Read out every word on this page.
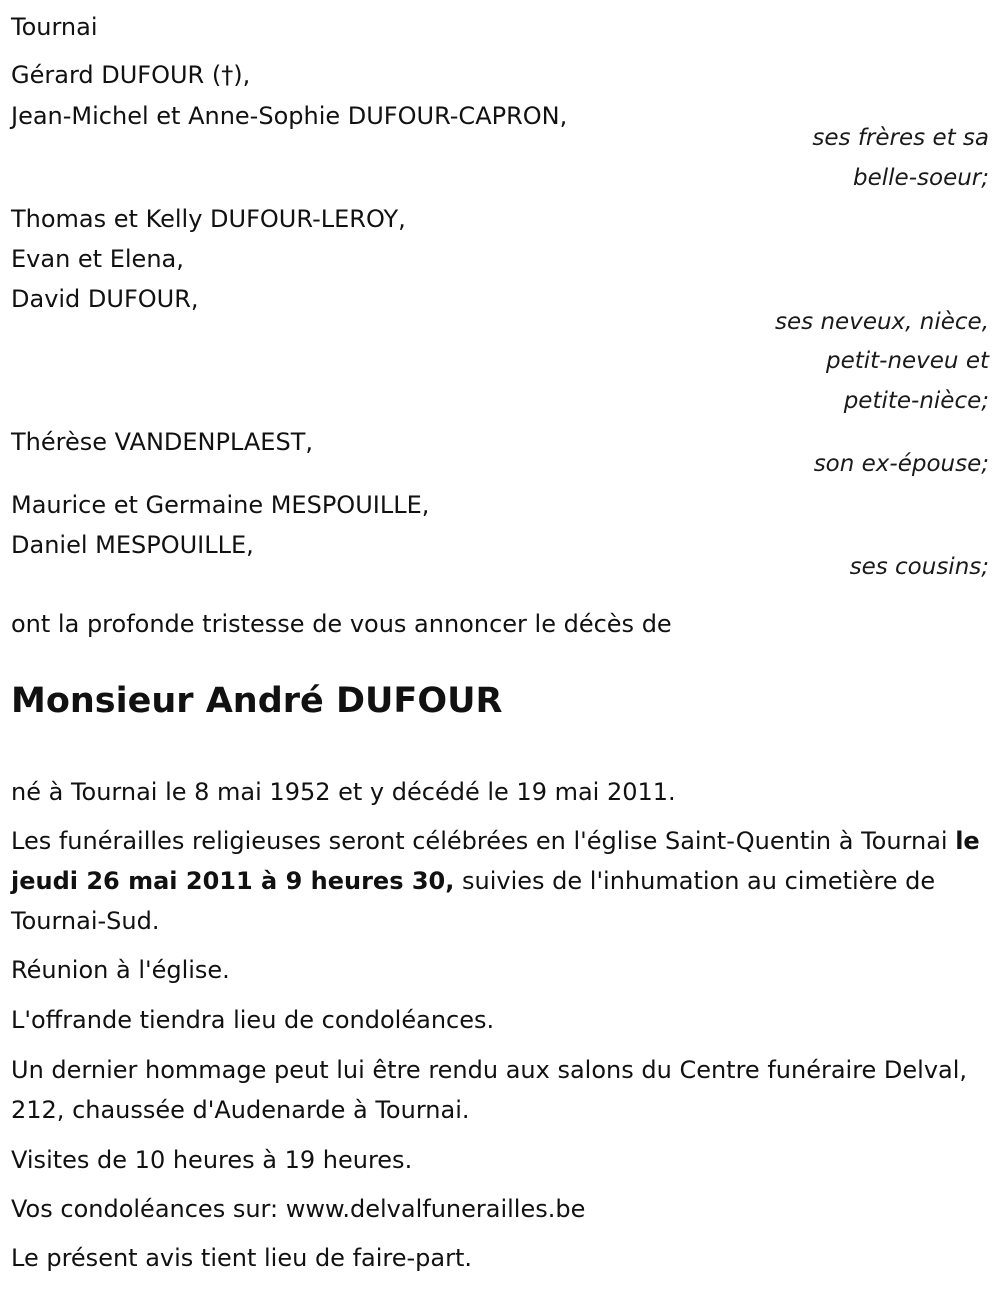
Tournai
Gérard DUFOUR (†),
Jean-Michel et Anne-Sophie DUFOUR-CAPRON,
ses frères et sa
belle-soeur;
Thomas et Kelly DUFOUR-LEROY,
Evan et Elena,
David DUFOUR,
ses neveux, nièce,
petit-neveu et
petite-nièce;
Thérèse VANDENPLAEST,
son ex-épouse;
Maurice et Germaine MESPOUILLE,
Daniel MESPOUILLE,
ses cousins;
ont la profonde tristesse de vous annoncer le décès de
Monsieur André DUFOUR
né à Tournai le 8 mai 1952 et y décédé le 19 mai 2011.
Les funérailles religieuses seront célébrées en l'église Saint-Quentin à Tournai le jeudi 26 mai 2011 à 9 heures 30, suivies de l'inhumation au cimetière de Tournai-Sud.
Réunion à l'église.
L'offrande tiendra lieu de condoléances.
Un dernier hommage peut lui être rendu aux salons du Centre funéraire Delval, 212, chaussée d'Audenarde à Tournai.
Visites de 10 heures à 19 heures.
Vos condoléances sur: www.delvalfunerailles.be
Le présent avis tient lieu de faire-part.
